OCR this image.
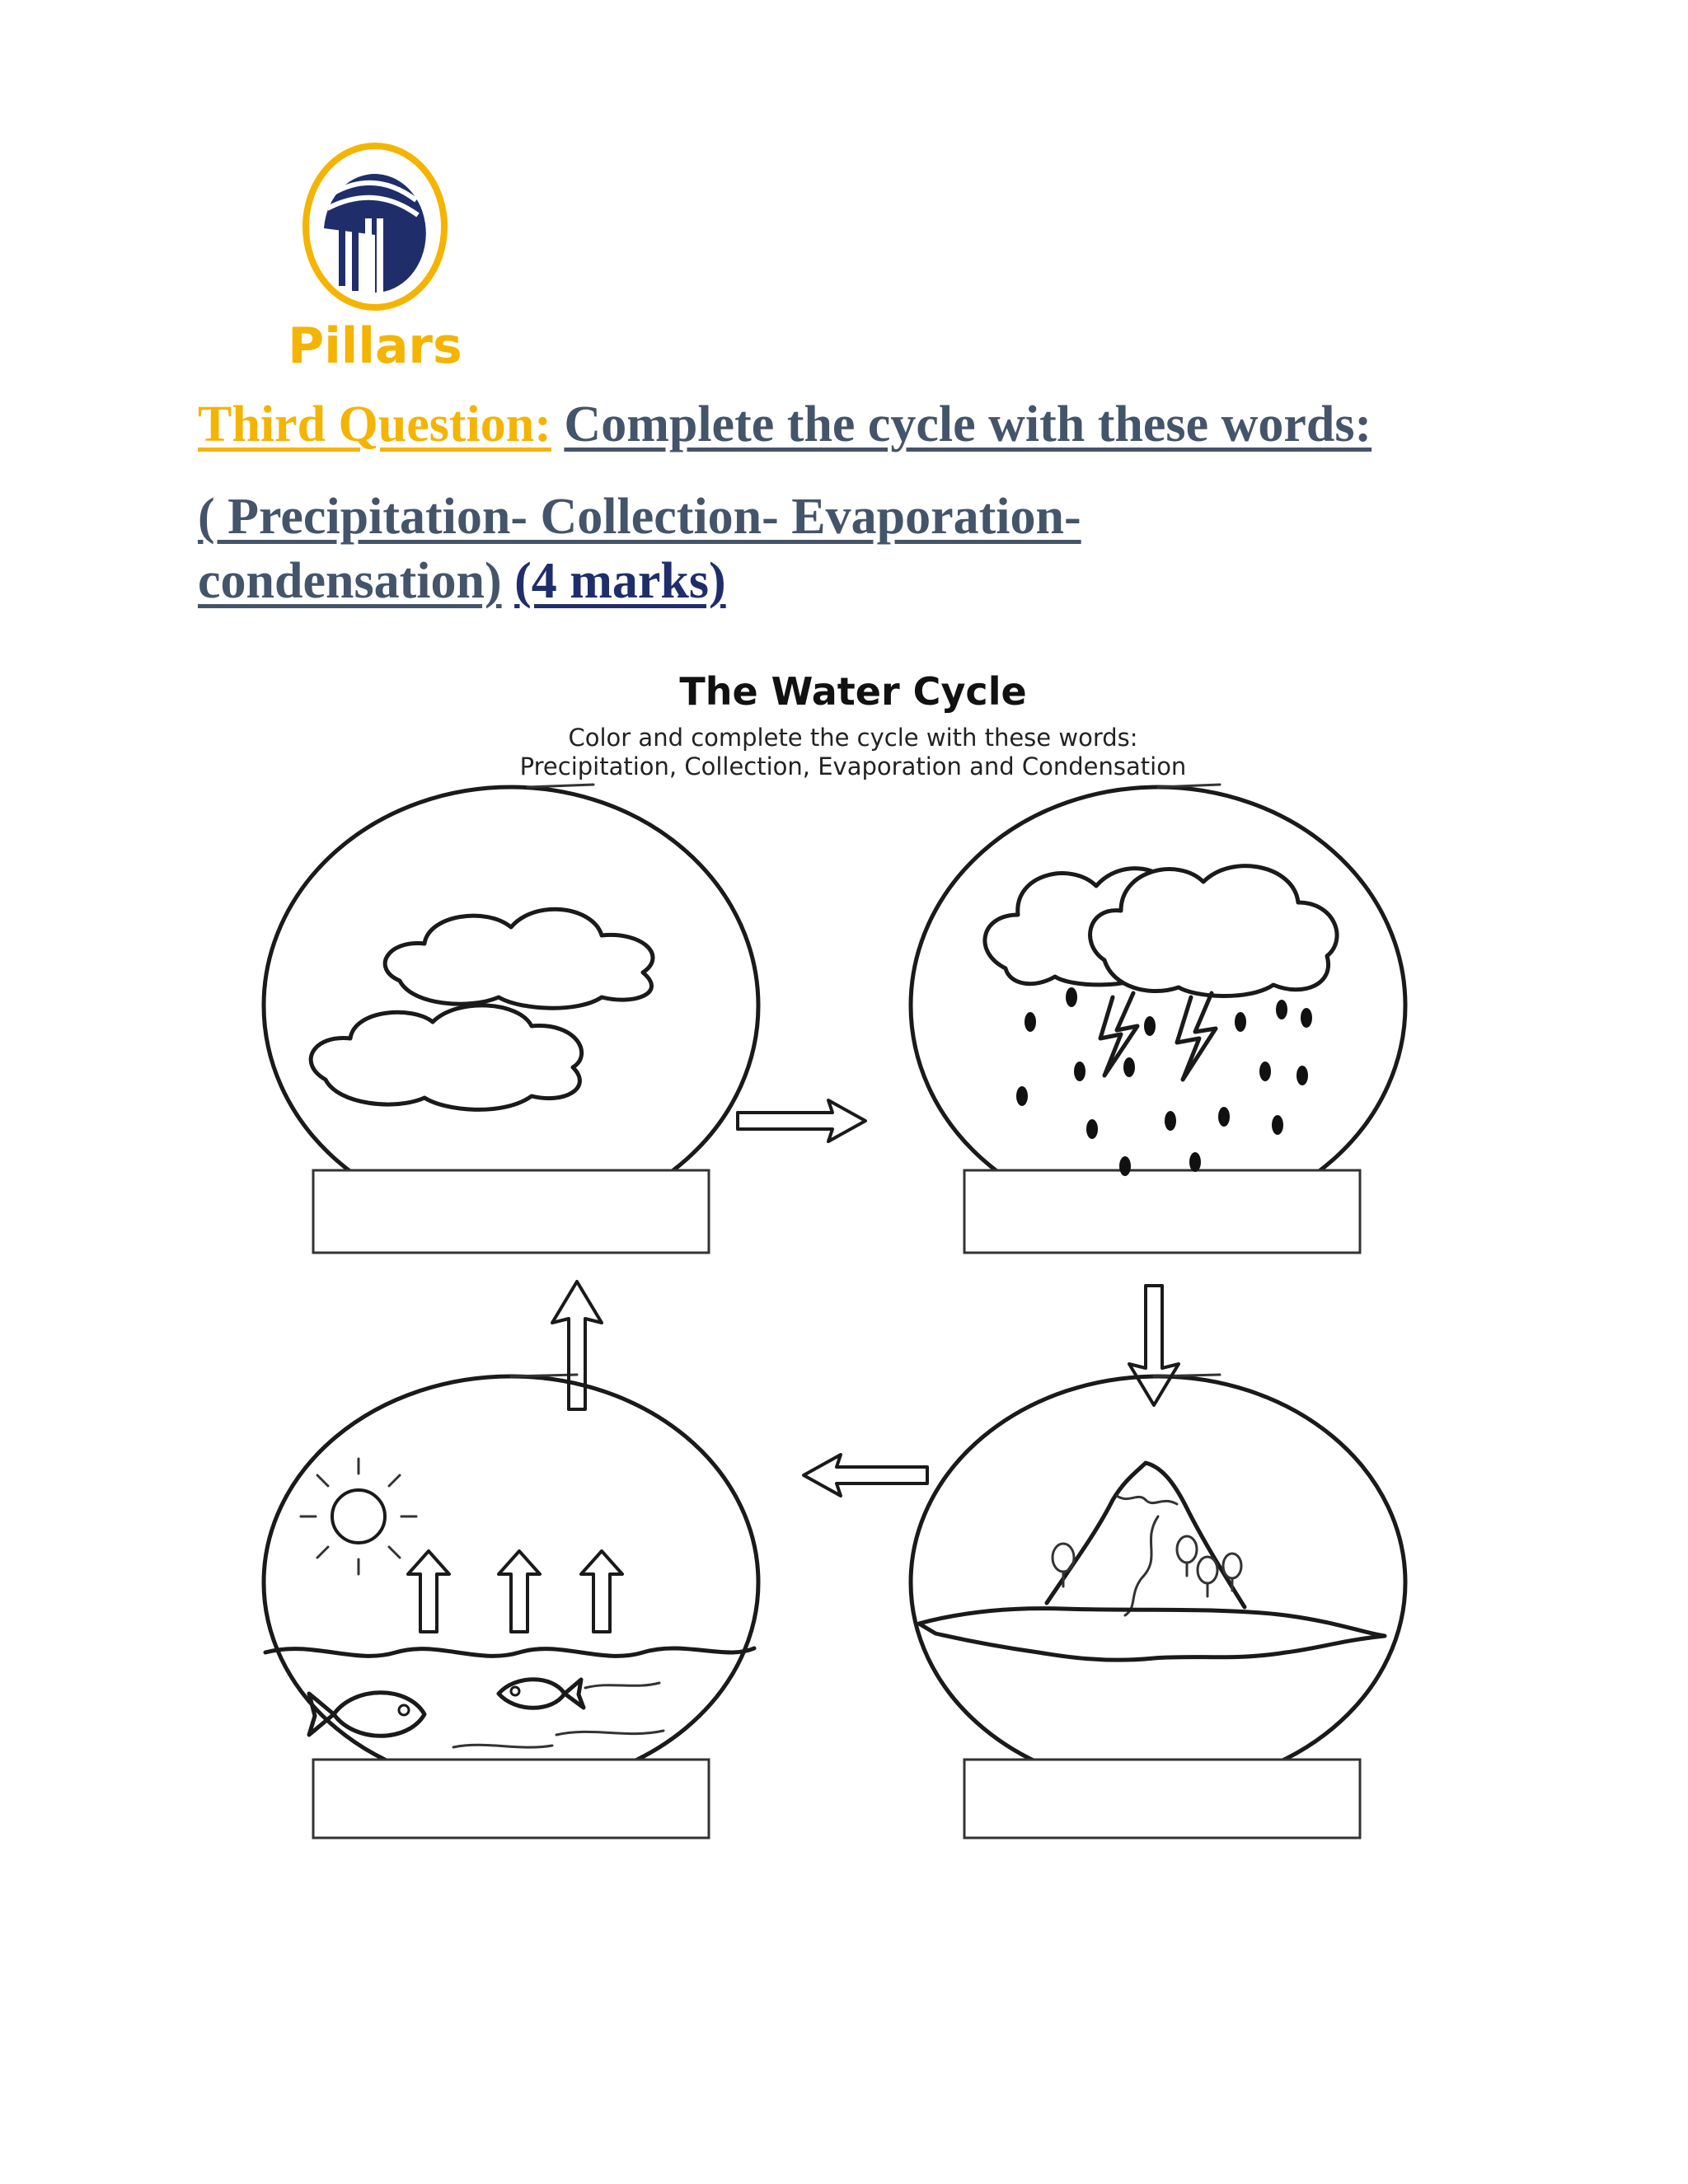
Pillars

Third Question: Complete the cycle with these words:

( Precipitation- Collection- Evaporation-

condensation) (4 marks)

The Water Cycle
Color and complete the cycle with these words:
Precipitation, Collection, Evaporation and Condensation
